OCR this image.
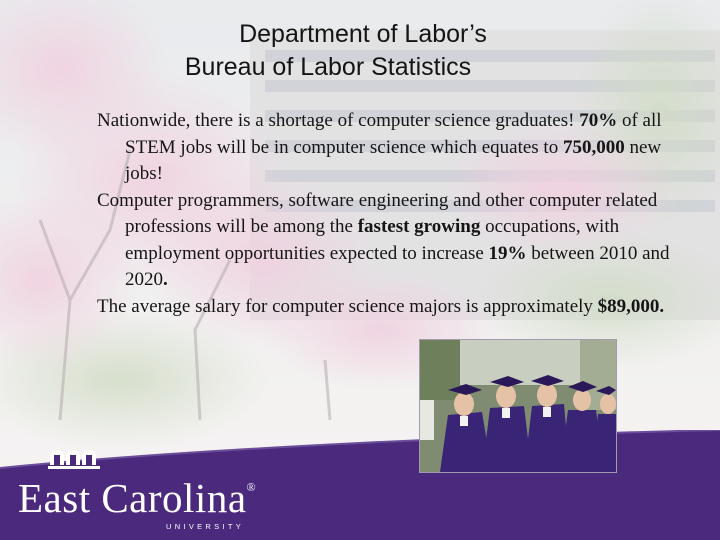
Department of Labor’s
Bureau of Labor Statistics

Nationwide, there is a shortage of computer science graduates! 70% of all STEM jobs will be in computer science which equates to 750,000 new jobs!

Computer programmers, software engineering and other computer related professions will be among the fastest growing occupations, with employment opportunities expected to increase 19% between 2010 and 2020.

The average salary for computer science majors is approximately $89,000.

East Carolina®
UNIVERSITY
